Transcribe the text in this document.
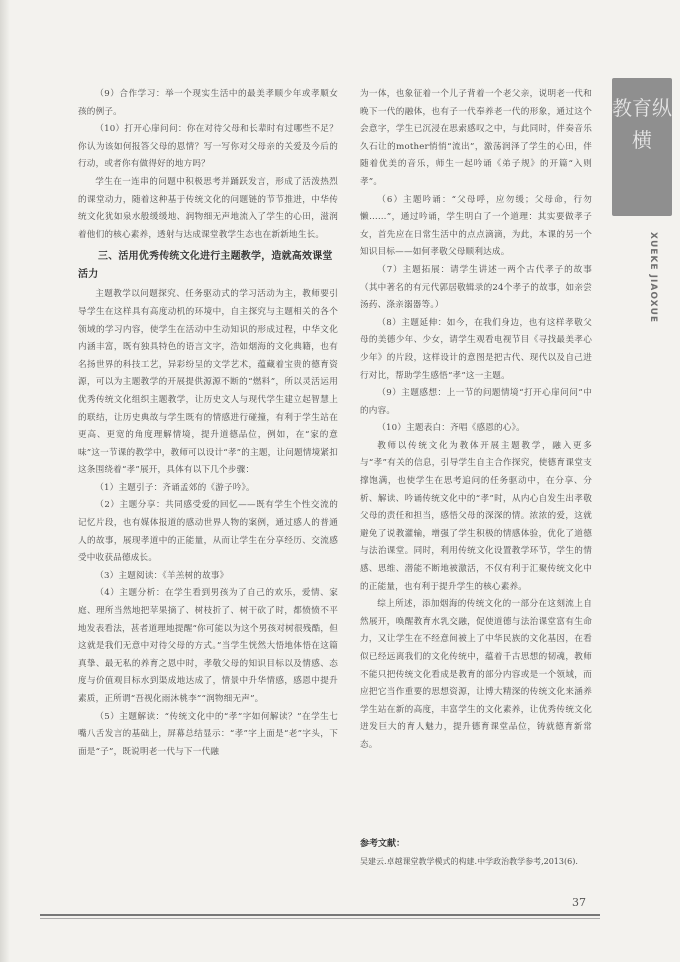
（9）合作学习：举一个现实生活中的最美孝顺少年或孝顺女孩的例子。

（10）打开心扉问问：你在对待父母和长辈时有过哪些不足？你认为该如何报答父母的恩情？写一写你对父母亲的关爱及今后的行动，或者你有做得好的地方吗？

学生在一连串的问题中积极思考并踊跃发言，形成了活泼热烈的课堂动力，随着这种基于传统文化的问题链的节节推进，中华传统文化犹如泉水般缓缓地、润物细无声地流入了学生的心田，滋润着他们的核心素养，透射与达成课堂教学生态也在新新地生长。

三、活用优秀传统文化进行主题教学，造就高效课堂活力

主题教学以问题探究、任务驱动式的学习活动为主，教师要引导学生在这样具有高度动机的环境中，自主探究与主题相关的各个领域的学习内容，使学生在活动中生动知识的形成过程，中华文化内涵丰富，既有独具特色的语言文字，浩如烟海的文化典籍，也有名扬世界的科技工艺，异彩纷呈的文学艺术，蕴藏着宝贵的德育资源，可以为主题教学的开展提供源源不断的“燃料”，所以灵活运用优秀传统文化组织主题教学，让历史文人与现代学生建立起智慧上的联结，让历史典故与学生既有的情感进行碰撞，有利于学生站在更高、更宽的角度理解情境，提升道德品位，例如，在“家的意味”这一节课的教学中，教师可以设计“孝”的主题，让问题情境紧扣这条围绕着“孝”展开，具体有以下几个步骤：

（1）主题引子：齐诵孟郊的《游子吟》。

（2）主题分享：共同感受爱的回忆——既有学生个性交流的记忆片段，也有媒体报道的感动世界人物的案例，通过感人的普通人的故事，展现孝道中的正能量，从而让学生在分享经历、交流感受中收获品德成长。

（3）主题阅读：《羊羔树的故事》

（4）主题分析：在学生看到男孩为了自己的欢乐，爱情、家庭、理所当然地把苹果摘了、树枝折了、树干砍了时，都愤愤不平地发表看法，甚者道理地提醒“你可能以为这个男孩对树很残酷，但这就是我们无意中对待父母的方式。”当学生恍然大悟地体悟在这篇真挚、最无私的养育之恩中时，孝敬父母的知识目标以及情感、态度与价值观目标水到渠成地达成了，情景中升华情感，感恩中提升素质，正所谓“吾视化雨沐桃李”“润物细无声”。

（5）主题解读：“传统文化中的“孝”字如何解读？”在学生七嘴八舌发言的基础上，屏幕总结显示：“孝”字上面是“老”字头，下面是“子”，既说明老一代与下一代融

为一体，也象征着一个儿子背着一个老父亲，说明老一代和晚下一代的融体，也有子一代奉养老一代的形象，通过这个会意字，学生已沉浸在思索感叹之中，与此同时，伴奏音乐久石让的mother悄悄“流出”，激荡润泽了学生的心田，伴随着优美的音乐，师生一起吟诵《弟子规》的开篇“入则孝”。

（6）主题吟诵：“父母呼，应勿缓；父母命，行勿懒……”，通过吟诵，学生明白了一个道理：其实要做孝子女，首先应在日常生活中的点点滴滴，为此，本课的另一个知识目标——如何孝敬父母顺利达成。

（7）主题拓展：请学生讲述一两个古代孝子的故事（其中著名的有元代郭居敬辑录的24个孝子的故事，如亲尝汤药、涤亲溺器等。）

（8）主题延伸：如今，在我们身边，也有这样孝敬父母的美德少年、少女，请学生观看电视节目《寻找最美孝心少年》的片段，这样设计的意图是把古代、现代以及自己进行对比，帮助学生感悟“孝”这一主题。

（9）主题感想：上一节的问题情境“打开心扉问问”中的内容。

（10）主题表白：齐唱《感恩的心》。

教师以传统文化为教体开展主题教学，融入更多与“孝”有关的信息，引导学生自主合作探究，使德育课堂支撑饱满，也使学生在思考追问的任务驱动中，在分享、分析、解读、吟诵传统文化中的“孝”时，从内心自发生出孝敬父母的责任和担当，感悟父母的深深的情。浓浓的爱，这就避免了说教灌输，增强了学生积极的情感体验，优化了道德与法治课堂。同时，利用传统文化设置教学环节，学生的情感、思维、潜能不断地被激活，不仅有利于汇聚传统文化中的正能量，也有利于提升学生的核心素养。

综上所述，添加烟海的传统文化的一部分在这刻流上自然展开，唤醒教育水乳交融，促使道德与法治课堂富有生命力，又让学生在不经意间被上了中华民族的文化基因，在看似已经远离我们的文化传统中，蕴着千古思想的韧魂，教师不能只把传统文化看成是教育的部分内容或是一个领域，而应把它当作重要的思想资源，让博大精深的传统文化来涵养学生站在新的高度，丰富学生的文化素养，让优秀传统文化迸发巨大的育人魅力，提升德育课堂品位，铸就德育新常态。

教育纵横
XUEKE JIAOXUE
参考文献：
吴建云.卓越课堂教学模式的构建.中学政治教学参考,2013(6).
37
